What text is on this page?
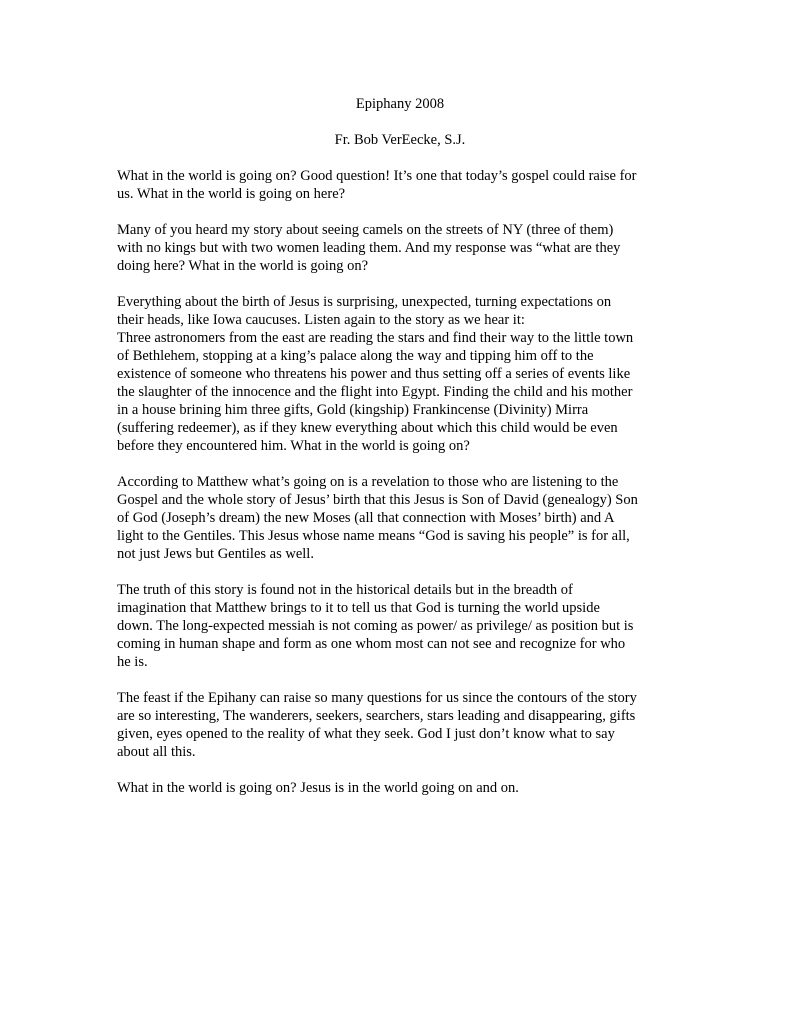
Epiphany 2008

Fr. Bob VerEecke, S.J.

What in the world is going on? Good question! It’s one that today’s gospel could raise for
us. What in the world is going on here?

Many of you heard my story about seeing camels on the streets of NY (three of them)
with no kings but with two women leading them. And my response was “what are they
doing here? What in the world is going on?

Everything about the birth of Jesus is surprising, unexpected, turning expectations on
their heads, like Iowa caucuses. Listen again to the story as we hear it:
Three astronomers from the east are reading the stars and find their way to the little town
of Bethlehem, stopping at a king’s palace along the way and tipping him off to the
existence of someone who threatens his power and thus setting off a series of events like
the slaughter of the innocence and the flight into Egypt. Finding the child and his mother
in a house brining him three gifts, Gold (kingship) Frankincense (Divinity) Mirra
(suffering redeemer), as if they knew everything about which this child would be even
before they encountered him. What in the world is going on?

According to Matthew what’s going on is a revelation to those who are listening to the
Gospel and the whole story of Jesus’ birth that this Jesus is Son of David (genealogy) Son
of God (Joseph’s dream) the new Moses (all that connection with Moses’ birth) and A
light to the Gentiles. This Jesus whose name means “God is saving his people” is for all,
not just Jews but Gentiles as well.

The truth of this story is found not in the historical details but in the breadth of
imagination that Matthew brings to it to tell us that God is turning the world upside
down. The long-expected messiah is not coming as power/ as privilege/ as position but is
coming in human shape and form as one whom most can not see and recognize for who
he is.

The feast if the Epihany can raise so many questions for us since the contours of the story
are so interesting, The wanderers, seekers, searchers, stars leading and disappearing, gifts
given, eyes opened to the reality of what they seek. God I just don’t know what to say
about all this.

What in the world is going on? Jesus is in the world going on and on.
